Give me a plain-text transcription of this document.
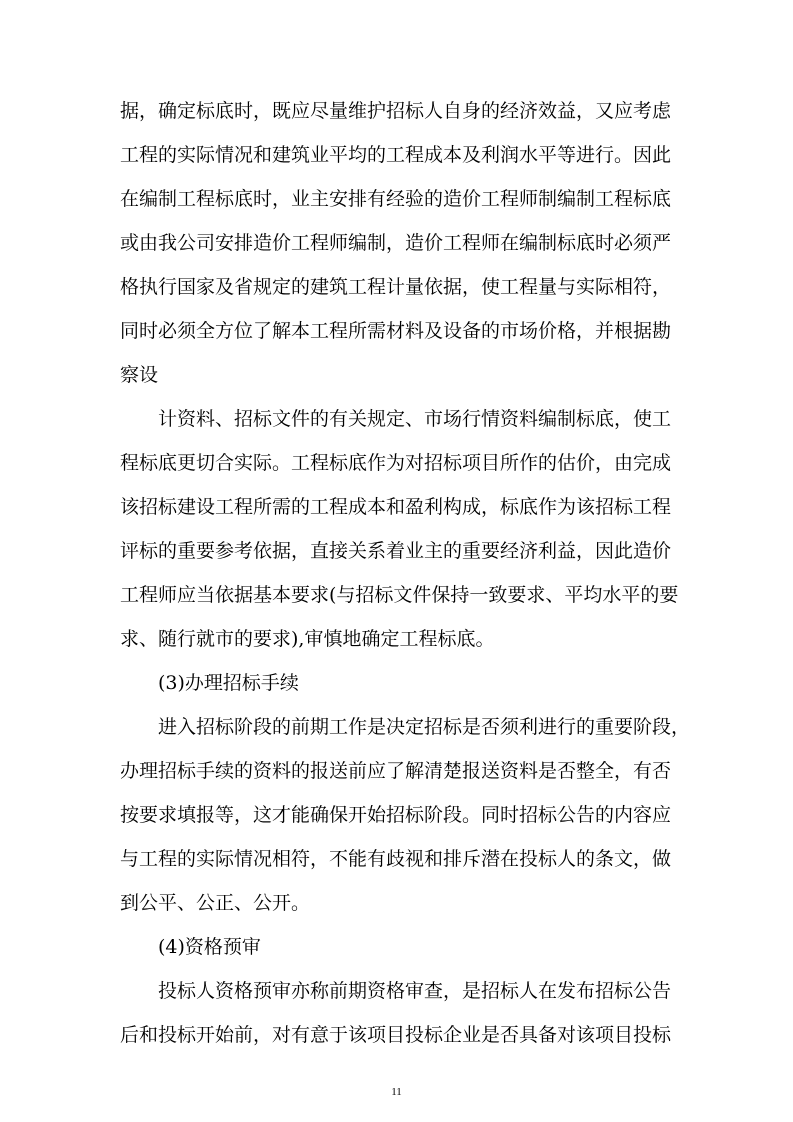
据，确定标底时，既应尽量维护招标人自身的经济效益，又应考虑
工程的实际情况和建筑业平均的工程成本及利润水平等进行。因此
在编制工程标底时，业主安排有经验的造价工程师制编制工程标底
或由我公司安排造价工程师编制，造价工程师在编制标底时必须严
格执行国家及省规定的建筑工程计量依据，使工程量与实际相符，
同时必须全方位了解本工程所需材料及设备的市场价格，并根据勘
察设
计资料、招标文件的有关规定、市场行情资料编制标底，使工
程标底更切合实际。工程标底作为对招标项目所作的估价，由完成
该招标建设工程所需的工程成本和盈利构成，标底作为该招标工程
评标的重要参考依据，直接关系着业主的重要经济利益，因此造价
工程师应当依据基本要求(与招标文件保持一致要求、平均水平的要
求、随行就市的要求),审慎地确定工程标底。
(3)办理招标手续
进入招标阶段的前期工作是决定招标是否须利进行的重要阶段，
办理招标手续的资料的报送前应了解清楚报送资料是否整全，有否
按要求填报等，这才能确保开始招标阶段。同时招标公告的内容应
与工程的实际情况相符，不能有歧视和排斥潜在投标人的条文，做
到公平、公正、公开。
(4)资格预审
投标人资格预审亦称前期资格审查，是招标人在发布招标公告
后和投标开始前，对有意于该项目投标企业是否具备对该项目投标
11
